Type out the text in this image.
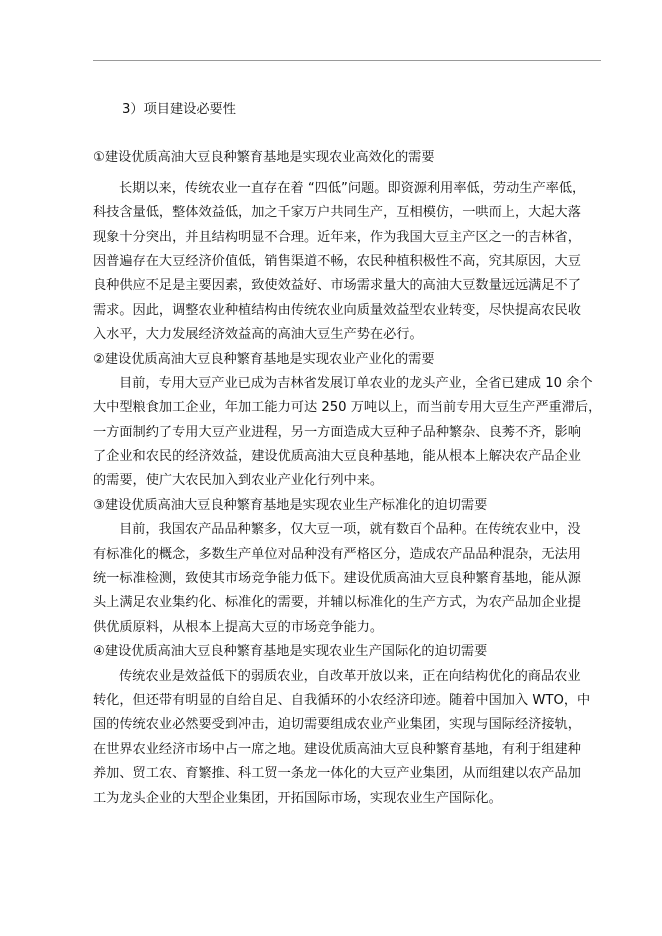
3）项目建设必要性
①建设优质高油大豆良种繁育基地是实现农业高效化的需要
长期以来，传统农业一直存在着 “四低”问题。即资源利用率低，劳动生产率低，
科技含量低，整体效益低，加之千家万户共同生产，互相模仿，一哄而上，大起大落
现象十分突出，并且结构明显不合理。近年来，作为我国大豆主产区之一的吉林省，
因普遍存在大豆经济价值低，销售渠道不畅，农民种植积极性不高，究其原因，大豆
良种供应不足是主要因素，致使效益好、市场需求量大的高油大豆数量远远满足不了
需求。因此，调整农业种植结构由传统农业向质量效益型农业转变，尽快提高农民收
入水平，大力发展经济效益高的高油大豆生产势在必行。
②建设优质高油大豆良种繁育基地是实现农业产业化的需要
目前，专用大豆产业已成为吉林省发展订单农业的龙头产业，全省已建成 10 余个
大中型粮食加工企业，年加工能力可达 250 万吨以上，而当前专用大豆生产严重滞后，
一方面制约了专用大豆产业进程，另一方面造成大豆种子品种繁杂、良莠不齐，影响
了企业和农民的经济效益，建设优质高油大豆良种基地，能从根本上解决农产品企业
的需要，使广大农民加入到农业产业化行列中来。
③建设优质高油大豆良种繁育基地是实现农业生产标准化的迫切需要
目前，我国农产品品种繁多，仅大豆一项，就有数百个品种。在传统农业中，没
有标准化的概念，多数生产单位对品种没有严格区分，造成农产品品种混杂，无法用
统一标准检测，致使其市场竞争能力低下。建设优质高油大豆良种繁育基地，能从源
头上满足农业集约化、标准化的需要，并辅以标准化的生产方式，为农产品加企业提
供优质原料，从根本上提高大豆的市场竞争能力。
④建设优质高油大豆良种繁育基地是实现农业生产国际化的迫切需要
传统农业是效益低下的弱质农业，自改革开放以来，正在向结构优化的商品农业
转化，但还带有明显的自给自足、自我循环的小农经济印迹。随着中国加入 WTO，中
国的传统农业必然要受到冲击，迫切需要组成农业产业集团，实现与国际经济接轨，
在世界农业经济市场中占一席之地。建设优质高油大豆良种繁育基地，有利于组建种
养加、贸工农、育繁推、科工贸一条龙一体化的大豆产业集团，从而组建以农产品加
工为龙头企业的大型企业集团，开拓国际市场，实现农业生产国际化。
